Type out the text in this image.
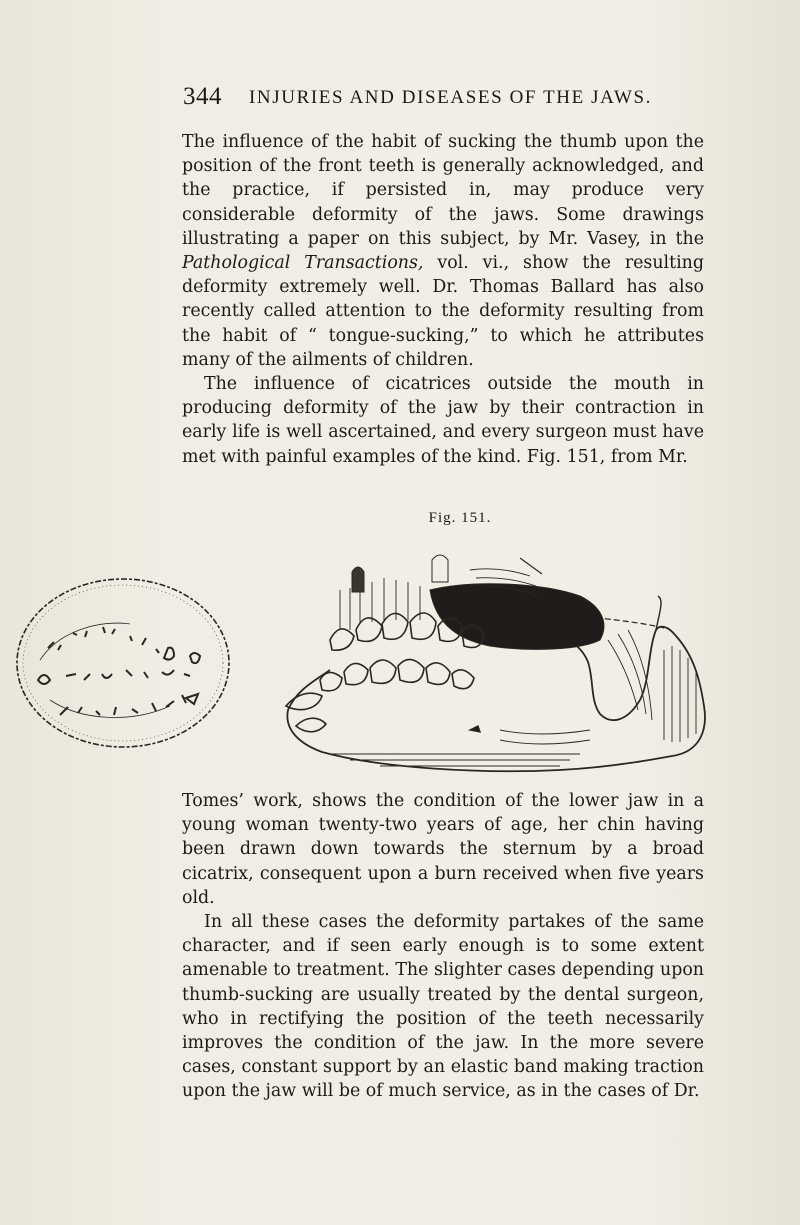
344 INJURIES AND DISEASES OF THE JAWS.

The influence of the habit of sucking the thumb upon the position of the front teeth is generally acknowledged, and the practice, if persisted in, may produce very considerable deformity of the jaws. Some drawings illustrating a paper on this subject, by Mr. Vasey, in the Pathological Transactions, vol. vi., show the resulting deformity extremely well. Dr. Thomas Ballard has also recently called attention to the deformity resulting from the habit of “ tongue-sucking,” to which he attributes many of the ailments of children.

The influence of cicatrices outside the mouth in producing deformity of the jaw by their contraction in early life is well ascertained, and every surgeon must have met with painful examples of the kind. Fig. 151, from Mr.

Fig. 151.

Tomes’ work, shows the condition of the lower jaw in a young woman twenty-two years of age, her chin having been drawn down towards the sternum by a broad cicatrix, consequent upon a burn received when five years old.

In all these cases the deformity partakes of the same character, and if seen early enough is to some extent amenable to treatment. The slighter cases depending upon thumb-sucking are usually treated by the dental surgeon, who in rectifying the position of the teeth necessarily improves the condition of the jaw. In the more severe cases, constant support by an elastic band making traction upon the jaw will be of much service, as in the cases of Dr.
